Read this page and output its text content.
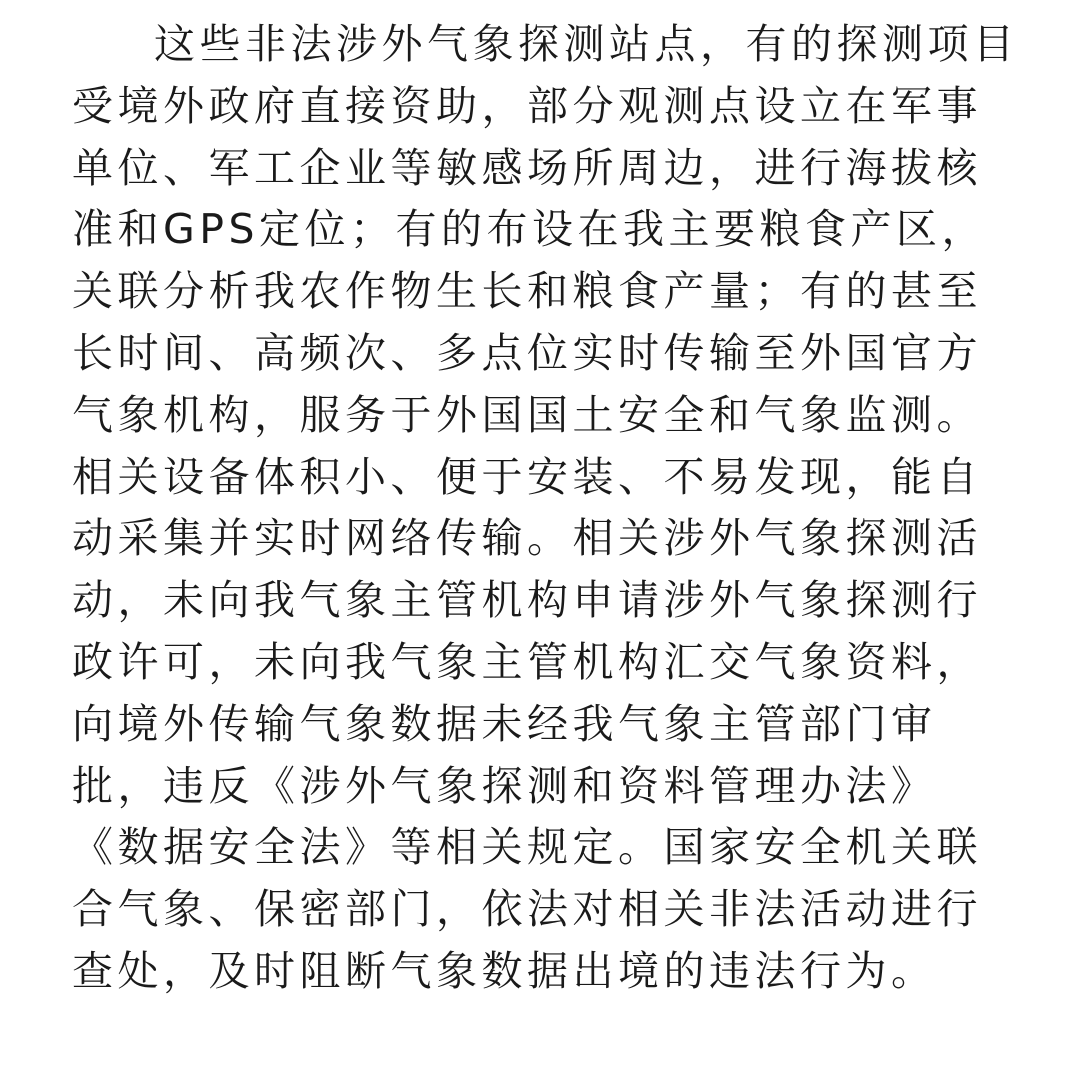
这些非法涉外气象探测站点，有的探测项目
受境外政府直接资助，部分观测点设立在军事
单位、军工企业等敏感场所周边，进行海拔核
准和GPS定位；有的布设在我主要粮食产区，
关联分析我农作物生长和粮食产量；有的甚至
长时间、高频次、多点位实时传输至外国官方
气象机构，服务于外国国土安全和气象监测。
相关设备体积小、便于安装、不易发现，能自
动采集并实时网络传输。相关涉外气象探测活
动，未向我气象主管机构申请涉外气象探测行
政许可，未向我气象主管机构汇交气象资料，
向境外传输气象数据未经我气象主管部门审
批，违反《涉外气象探测和资料管理办法》
《数据安全法》等相关规定。国家安全机关联
合气象、保密部门，依法对相关非法活动进行
查处，及时阻断气象数据出境的违法行为。
